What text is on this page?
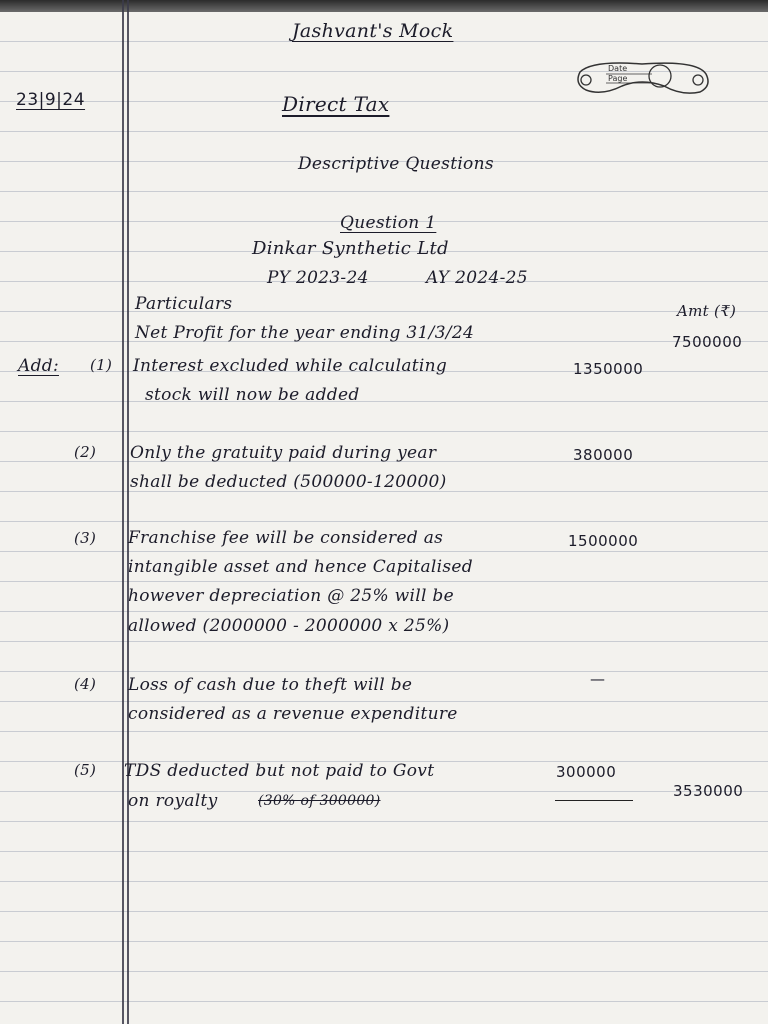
Date
Page
Jashvant's Mock
23|9|24	Direct Tax
Descriptive Questions
Question 1
Dinkar Synthetic Ltd
PY 2023-24	AY 2024-25
Particulars	Amt (₹)
Net Profit for the year ending 31/3/24	7500000
Add: (1) Interest excluded while calculating
stock will now be added
1350000
(2) Only the gratuity paid during year
shall be deducted (500000-120000)
380000
(3) Franchise fee will be considered as
intangible asset and hence Capitalised
however depreciation @ 25% will be
allowed (2000000 - 2000000 x 25%)
1500000
(4) Loss of cash due to theft will be
considered as a revenue expenditure
—
(5) TDS deducted but not paid to Govt
on royalty	(30% of 300000)
300000
3530000
